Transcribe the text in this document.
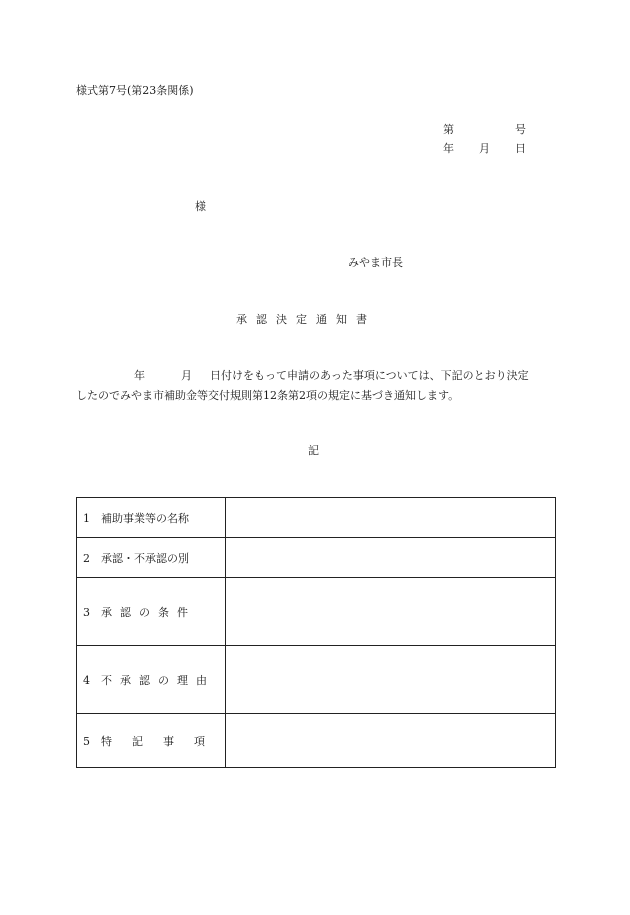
様式第7号(第23条関係)
第	号
年 月 日
様
みやま市長
承認決定通知書
年	月 日付けをもって申請のあった事項については、下記のとおり決定
したのでみやま市補助金等交付規則第12条第2項の規定に基づき通知します。
記
1 補助事業等の名称	
2 承認・不承認の別	
3 承認の条件	
4 不承認の理由	
5 特記事項	
